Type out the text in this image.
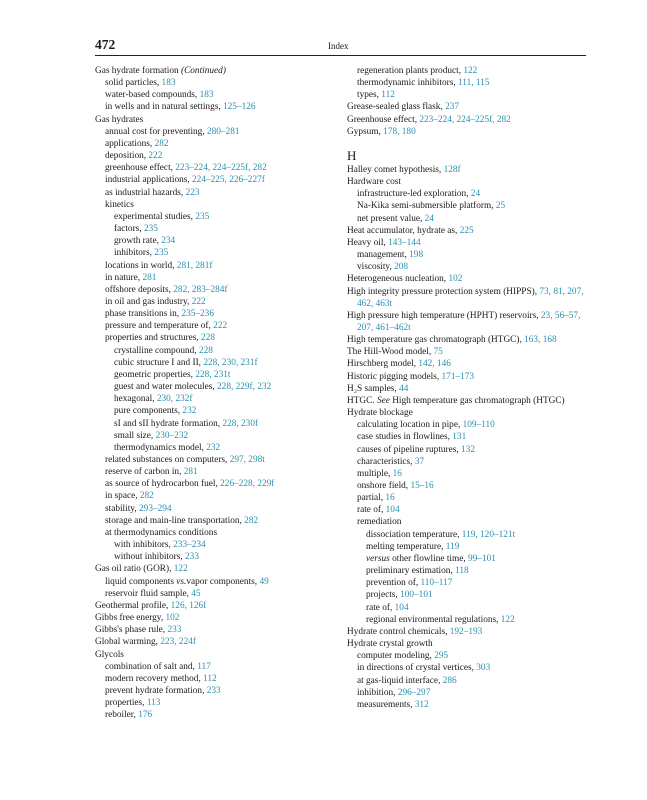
472	Index
Gas hydrate formation (Continued)
solid particles, 183
water-based compounds, 183
in wells and in natural settings, 125–126
Gas hydrates
annual cost for preventing, 280–281
applications, 282
deposition, 222
greenhouse effect, 223–224, 224–225f, 282
industrial applications, 224–225, 226–227f
as industrial hazards, 223
kinetics
experimental studies, 235
factors, 235
growth rate, 234
inhibitors, 235
locations in world, 281, 281f
in nature, 281
offshore deposits, 282, 283–284f
in oil and gas industry, 222
phase transitions in, 235–236
pressure and temperature of, 222
properties and structures, 228
crystalline compound, 228
cubic structure I and II, 228, 230, 231f
geometric properties, 228, 231t
guest and water molecules, 228, 229f, 232
hexagonal, 230, 232f
pure components, 232
sI and sII hydrate formation, 228, 230f
small size, 230–232
thermodynamics model, 232
related substances on computers, 297, 298t
reserve of carbon in, 281
as source of hydrocarbon fuel, 226–228, 229f
in space, 282
stability, 293–294
storage and main-line transportation, 282
at thermodynamics conditions
with inhibitors, 233–234
without inhibitors, 233
Gas oil ratio (GOR), 122
liquid components vs.vapor components, 49
reservoir fluid sample, 45
Geothermal profile, 126, 126f
Gibbs free energy, 102
Gibbs's phase rule, 233
Global warming, 223, 224f
Glycols
combination of salt and, 117
modern recovery method, 112
prevent hydrate formation, 233
properties, 113
reboiler, 176
regeneration plants product, 122
thermodynamic inhibitors, 111, 115
types, 112
Grease-sealed glass flask, 237
Greenhouse effect, 223–224, 224–225f, 282
Gypsum, 178, 180
H
Halley comet hypothesis, 128f
Hardware cost
infrastructure-led exploration, 24
Na-Kika semi-submersible platform, 25
net present value, 24
Heat accumulator, hydrate as, 225
Heavy oil, 143–144
management, 198
viscosity, 208
Heterogeneous nucleation, 102
High integrity pressure protection system (HIPPS), 73, 81, 207, 462, 463t
High pressure high temperature (HPHT) reservoirs, 23, 56–57, 207, 461–462t
High temperature gas chromatograph (HTGC), 163, 168
The Hill-Wood model, 75
Hirschberg model, 142, 146
Historic pigging models, 171–173
H₂S samples, 44
HTGC. See High temperature gas chromatograph (HTGC)
Hydrate blockage
calculating location in pipe, 109–110
case studies in flowlines, 131
causes of pipeline ruptures, 132
characteristics, 37
multiple, 16
onshore field, 15–16
partial, 16
rate of, 104
remediation
dissociation temperature, 119, 120–121t
melting temperature, 119
versus other flowline time, 99–101
preliminary estimation, 118
prevention of, 110–117
projects, 100–101
rate of, 104
regional environmental regulations, 122
Hydrate control chemicals, 192–193
Hydrate crystal growth
computer modeling, 295
in directions of crystal vertices, 303
at gas-liquid interface, 286
inhibition, 296–297
measurements, 312
